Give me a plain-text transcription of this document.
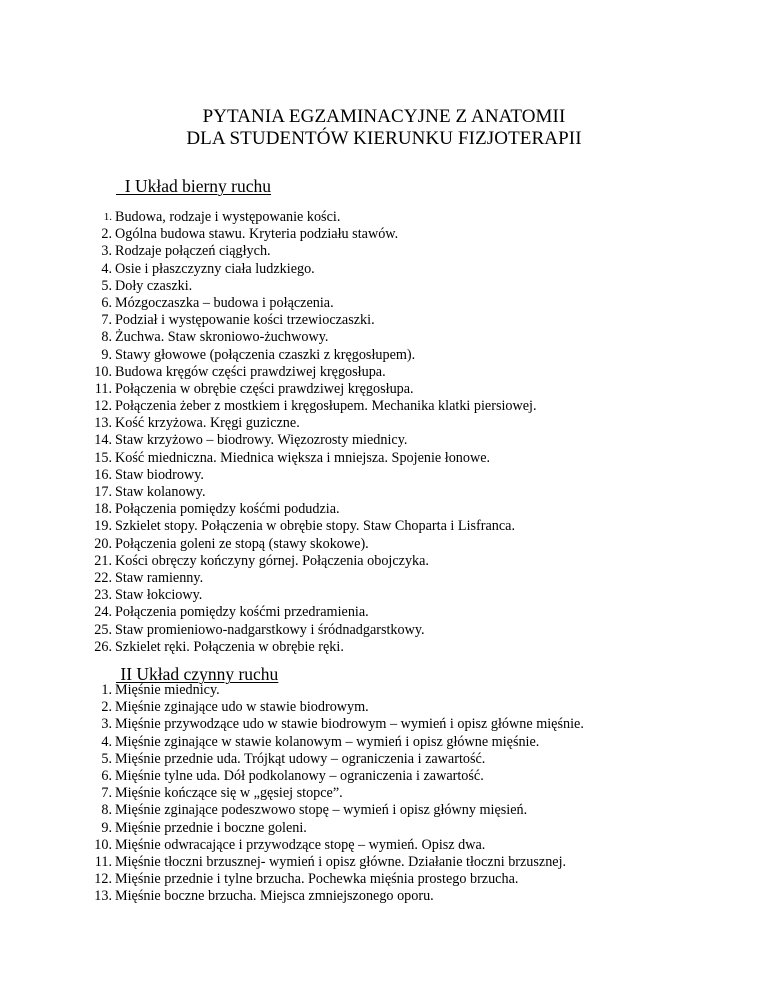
PYTANIA EGZAMINACYJNE Z ANATOMII
DLA STUDENTÓW KIERUNKU FIZJOTERAPII
I Układ bierny ruchu
1. Budowa, rodzaje i występowanie kości.
2. Ogólna budowa stawu. Kryteria podziału stawów.
3. Rodzaje połączeń ciągłych.
4. Osie i płaszczyzny ciała ludzkiego.
5. Doły czaszki.
6. Mózgoczaszka – budowa i połączenia.
7. Podział i występowanie kości trzewioczaszki.
8. Żuchwa. Staw skroniowo-żuchwowy.
9. Stawy głowowe (połączenia czaszki z kręgosłupem).
10. Budowa kręgów części prawdziwej kręgosłupa.
11. Połączenia w obrębie części prawdziwej kręgosłupa.
12. Połączenia żeber z mostkiem i kręgosłupem. Mechanika klatki piersiowej.
13. Kość krzyżowa. Kręgi guziczne.
14. Staw krzyżowo – biodrowy. Więzozrosty miednicy.
15. Kość miedniczna. Miednica większa i mniejsza. Spojenie łonowe.
16. Staw biodrowy.
17. Staw kolanowy.
18. Połączenia pomiędzy kośćmi podudzia.
19. Szkielet stopy. Połączenia w obrębie stopy. Staw Choparta i Lisfranca.
20. Połączenia goleni ze stopą (stawy skokowe).
21. Kości obręczy kończyny górnej. Połączenia obojczyka.
22. Staw ramienny.
23. Staw łokciowy.
24. Połączenia pomiędzy kośćmi przedramienia.
25. Staw promieniowo-nadgarstkowy i śródnadgarstkowy.
26. Szkielet ręki. Połączenia w obrębie ręki.
II Układ czynny ruchu
1. Mięśnie miednicy.
2. Mięśnie zginające udo w stawie biodrowym.
3. Mięśnie przywodzące udo w stawie biodrowym – wymień i opisz główne mięśnie.
4. Mięśnie zginające w stawie kolanowym – wymień i opisz główne mięśnie.
5. Mięśnie przednie uda. Trójkąt udowy – ograniczenia i zawartość.
6. Mięśnie tylne uda. Dół podkolanowy – ograniczenia i zawartość.
7. Mięśnie kończące się w „gęsiej stopce”.
8. Mięśnie zginające podeszwowo stopę – wymień i opisz główny mięsień.
9. Mięśnie przednie i boczne goleni.
10. Mięśnie odwracające i przywodzące stopę – wymień. Opisz dwa.
11. Mięśnie tłoczni brzusznej- wymień i opisz główne. Działanie tłoczni brzusznej.
12. Mięśnie przednie i tylne brzucha. Pochewka mięśnia prostego brzucha.
13. Mięśnie boczne brzucha. Miejsca zmniejszonego oporu.
